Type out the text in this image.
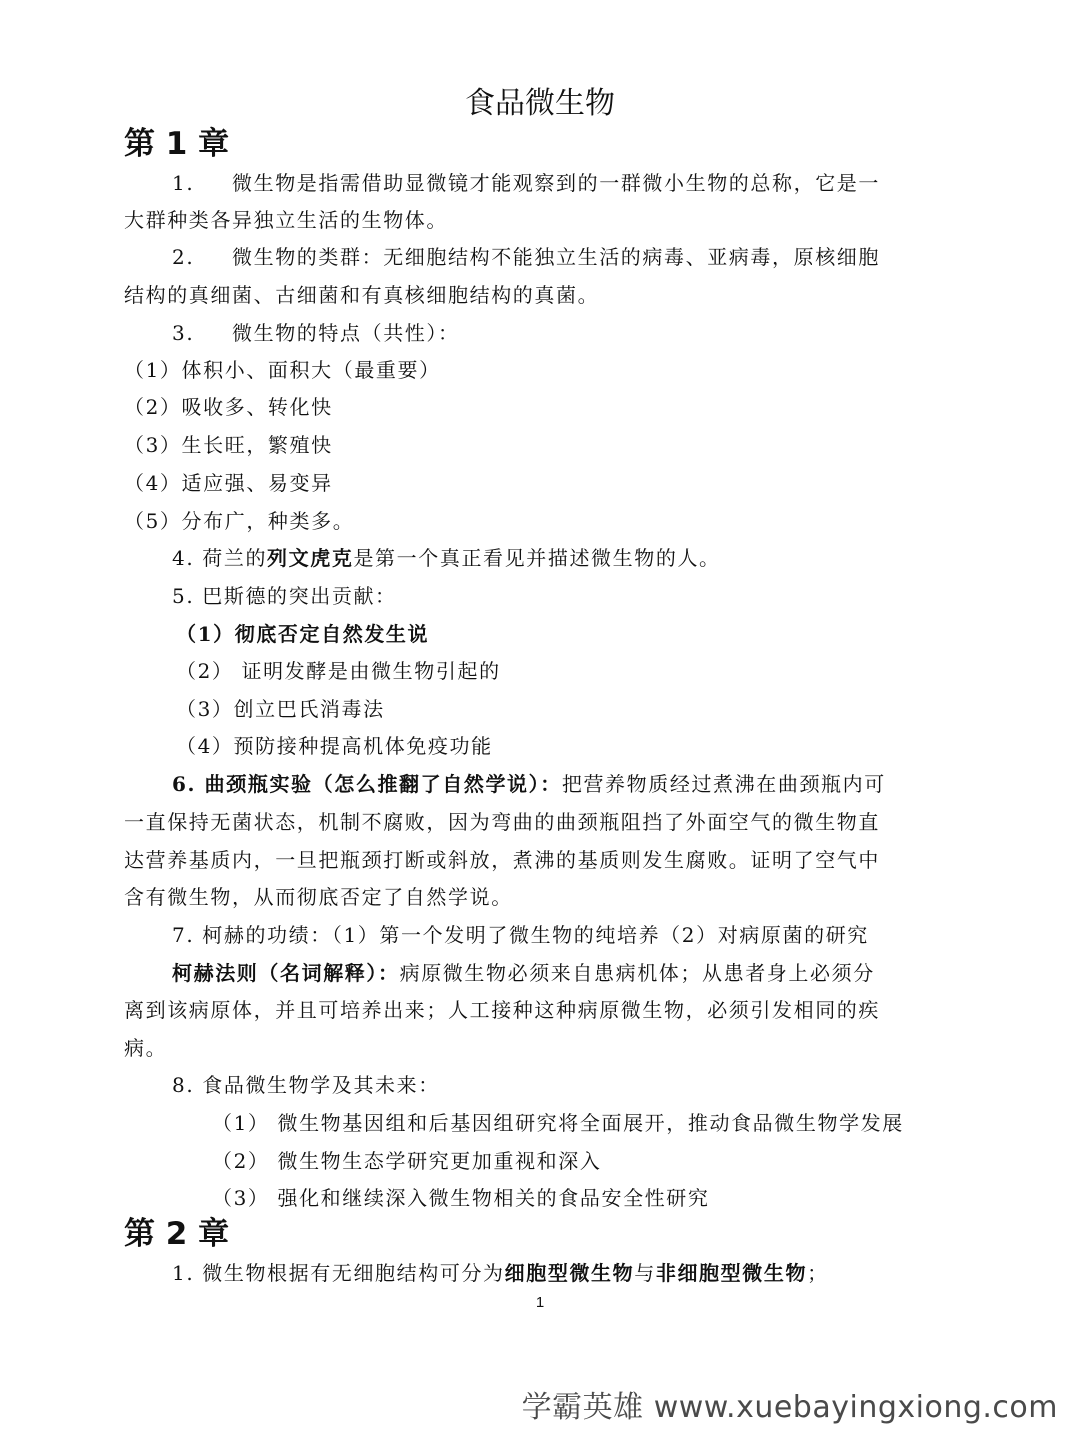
食品微生物
第 1 章
1. 微生物是指需借助显微镜才能观察到的一群微小生物的总称，它是一
大群种类各异独立生活的生物体。
2. 微生物的类群：无细胞结构不能独立生活的病毒、亚病毒，原核细胞
结构的真细菌、古细菌和有真核细胞结构的真菌。
3. 微生物的特点（共性）：
（1）体积小、面积大（最重要）
（2）吸收多、转化快
（3）生长旺，繁殖快
（4）适应强、易变异
（5）分布广，种类多。
4. 荷兰的列文虎克是第一个真正看见并描述微生物的人。
5. 巴斯德的突出贡献：
（1）彻底否定自然发生说
（2） 证明发酵是由微生物引起的
（3）创立巴氏消毒法
（4）预防接种提高机体免疫功能
6. 曲颈瓶实验（怎么推翻了自然学说）：把营养物质经过煮沸在曲颈瓶内可
一直保持无菌状态，机制不腐败，因为弯曲的曲颈瓶阻挡了外面空气的微生物直
达营养基质内，一旦把瓶颈打断或斜放，煮沸的基质则发生腐败。证明了空气中
含有微生物，从而彻底否定了自然学说。
7. 柯赫的功绩：（1）第一个发明了微生物的纯培养（2）对病原菌的研究
柯赫法则（名词解释）：病原微生物必须来自患病机体；从患者身上必须分
离到该病原体，并且可培养出来；人工接种这种病原微生物，必须引发相同的疾
病。
8. 食品微生物学及其未来：
（1） 微生物基因组和后基因组研究将全面展开，推动食品微生物学发展
（2） 微生物生态学研究更加重视和深入
（3） 强化和继续深入微生物相关的食品安全性研究
第 2 章
1. 微生物根据有无细胞结构可分为细胞型微生物与非细胞型微生物；
1
学霸英雄 www.xuebayingxiong.com
